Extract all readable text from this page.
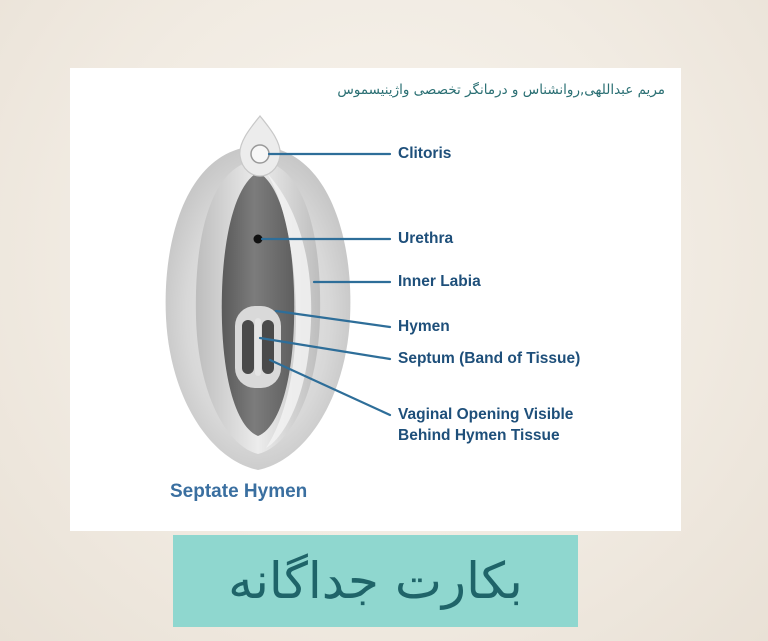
مریم عبداللهی,روانشناس و درمانگر تخصصی واژینیسموس
Clitoris
Urethra
Inner Labia
Hymen
Septum (Band of Tissue)
Vaginal Opening Visible
Behind Hymen Tissue
Septate Hymen
بکارت جداگانه
